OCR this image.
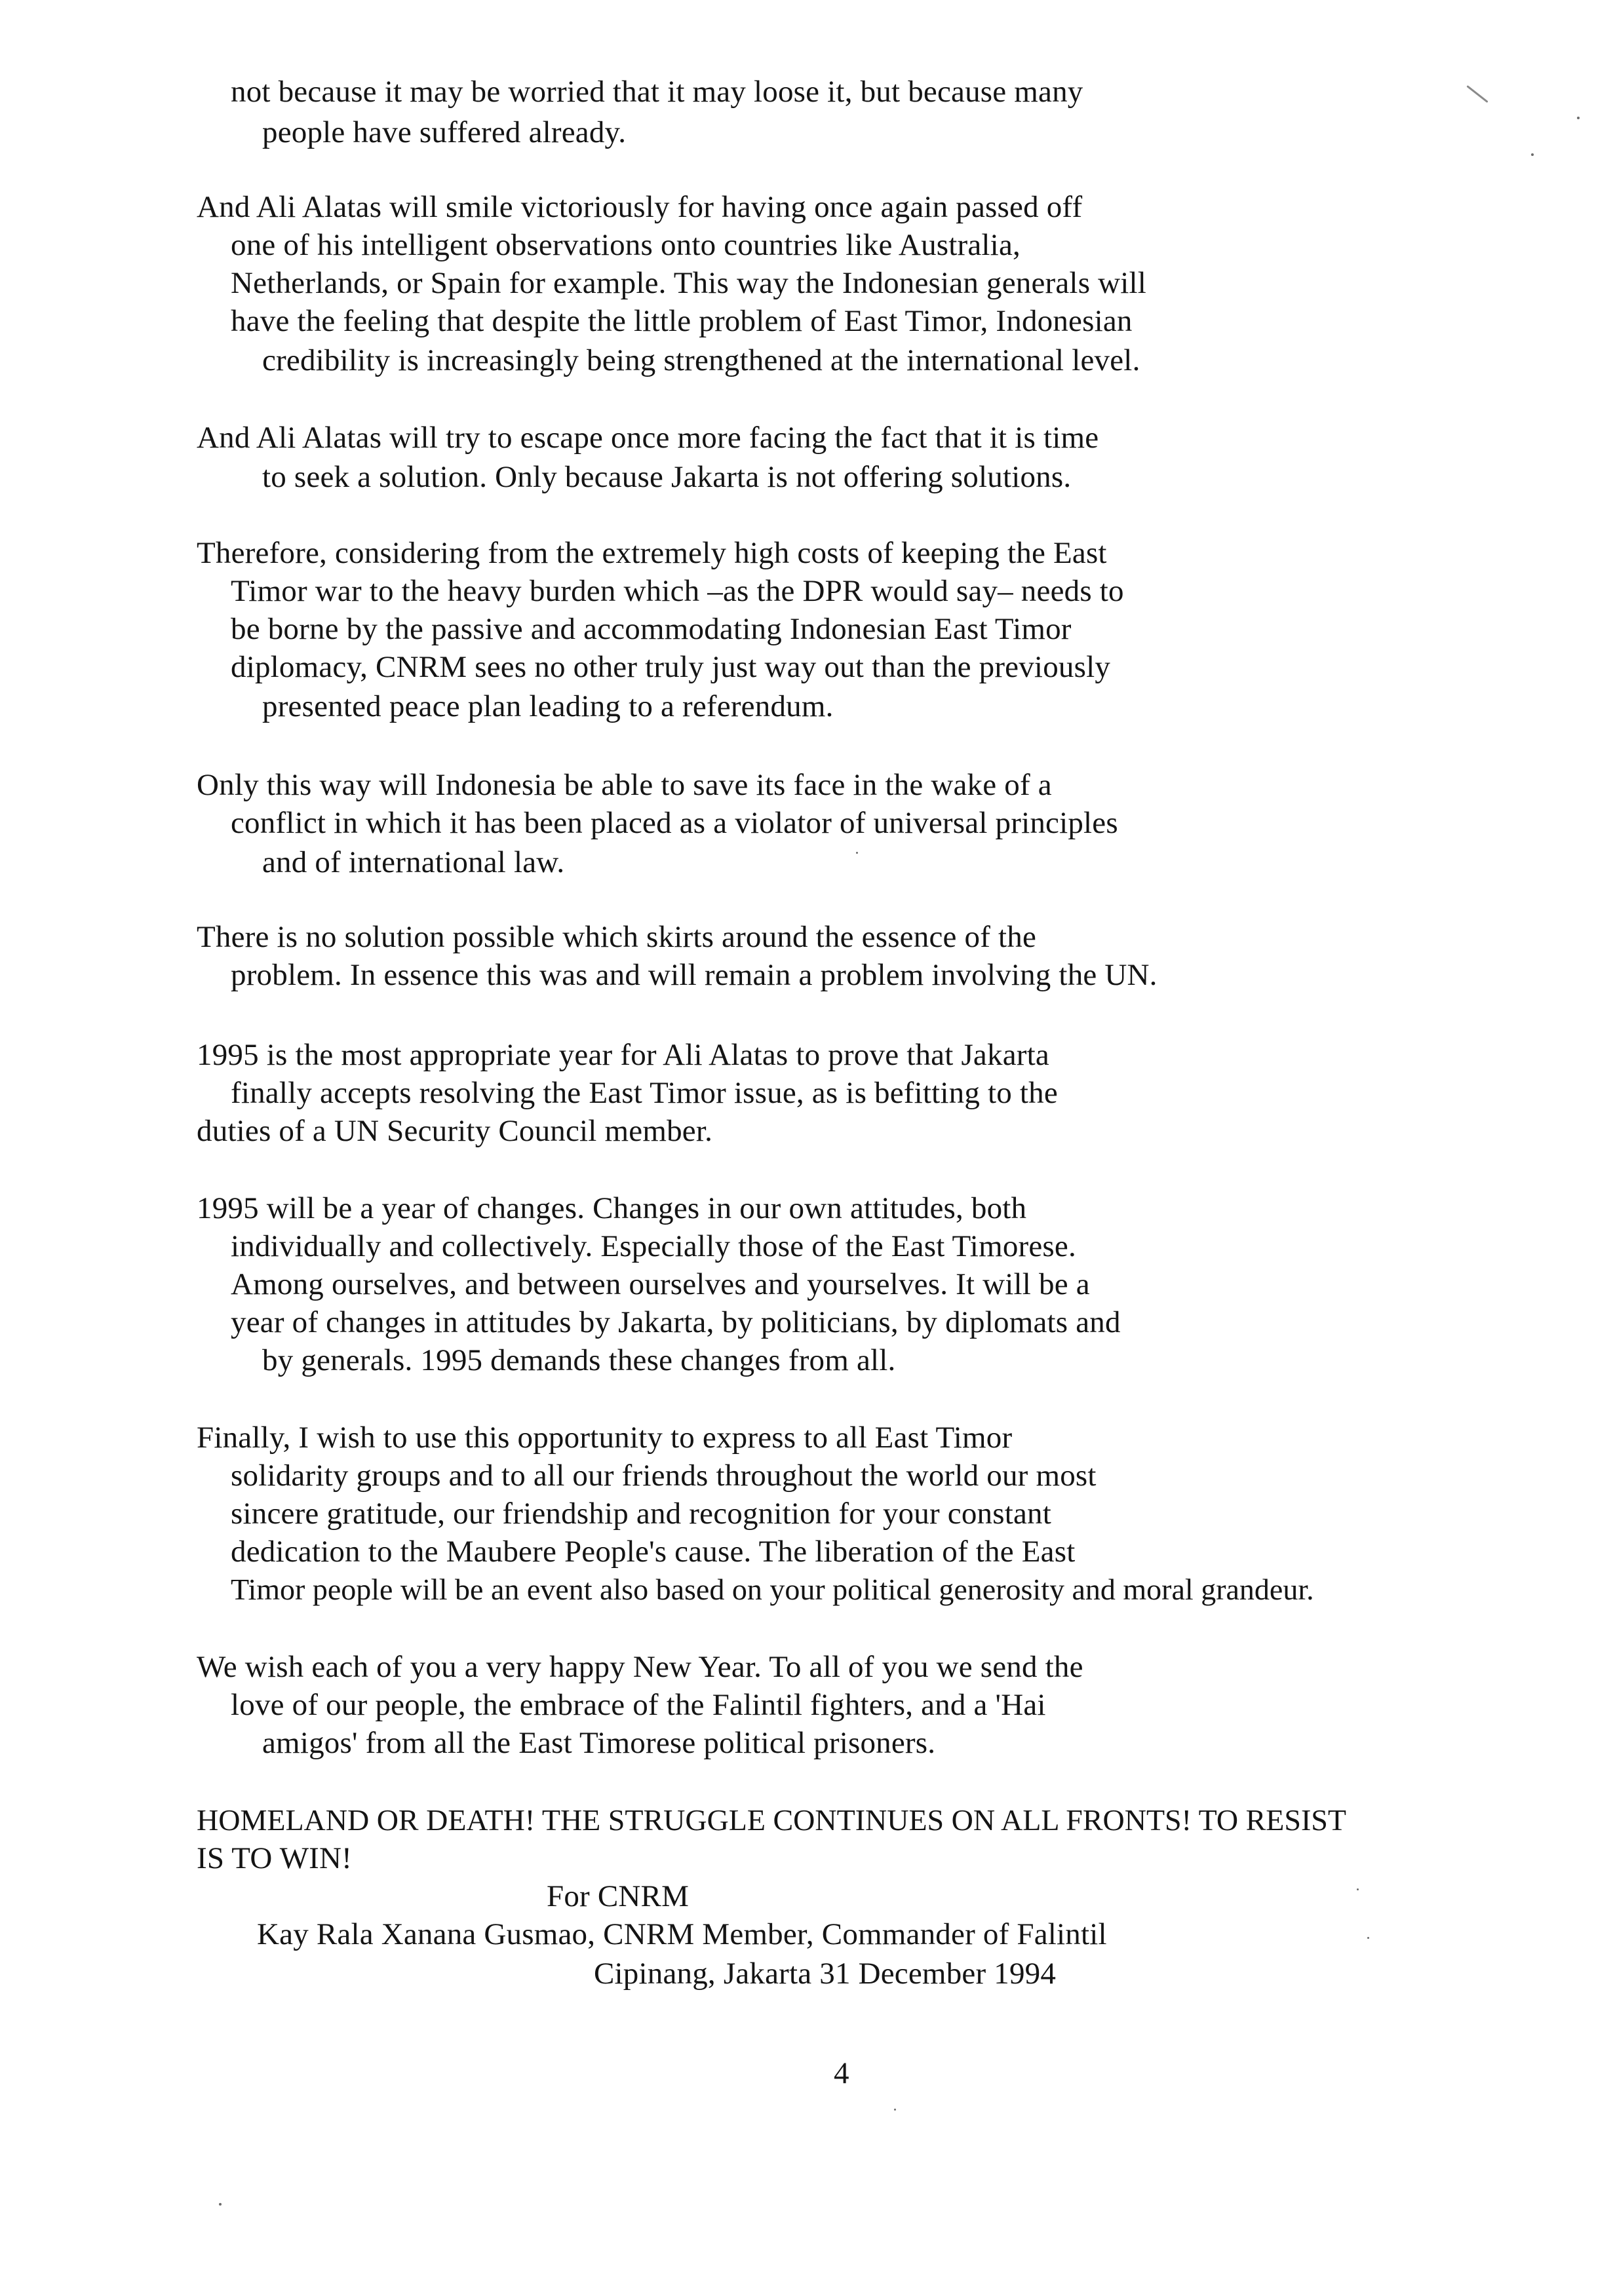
not because it may be worried that it may loose it, but because many
people have suffered already.
And Ali Alatas will smile victoriously for having once again passed off
one of his intelligent observations onto countries like Australia,
Netherlands, or Spain for example. This way the Indonesian generals will
have the feeling that despite the little problem of East Timor, Indonesian
credibility is increasingly being strengthened at the international level.
And Ali Alatas will try to escape once more facing the fact that it is time
to seek a solution. Only because Jakarta is not offering solutions.
Therefore, considering from the extremely high costs of keeping the East
Timor war to the heavy burden which –as the DPR would say– needs to
be borne by the passive and accommodating Indonesian East Timor
diplomacy, CNRM sees no other truly just way out than the previously
presented peace plan leading to a referendum.
Only this way will Indonesia be able to save its face in the wake of a
conflict in which it has been placed as a violator of universal principles
and of international law.
There is no solution possible which skirts around the essence of the
problem. In essence this was and will remain a problem involving the UN.
1995 is the most appropriate year for Ali Alatas to prove that Jakarta
finally accepts resolving the East Timor issue, as is befitting to the
duties of a UN Security Council member.
1995 will be a year of changes. Changes in our own attitudes, both
individually and collectively. Especially those of the East Timorese.
Among ourselves, and between ourselves and yourselves. It will be a
year of changes in attitudes by Jakarta, by politicians, by diplomats and
by generals. 1995 demands these changes from all.
Finally, I wish to use this opportunity to express to all East Timor
solidarity groups and to all our friends throughout the world our most
sincere gratitude, our friendship and recognition for your constant
dedication to the Maubere People's cause. The liberation of the East
Timor people will be an event also based on your political generosity and moral grandeur.
We wish each of you a very happy New Year. To all of you we send the
love of our people, the embrace of the Falintil fighters, and a 'Hai
amigos' from all the East Timorese political prisoners.
HOMELAND OR DEATH! THE STRUGGLE CONTINUES ON ALL FRONTS! TO RESIST
IS TO WIN!
For CNRM
Kay Rala Xanana Gusmao, CNRM Member, Commander of Falintil
Cipinang, Jakarta 31 December 1994
4
